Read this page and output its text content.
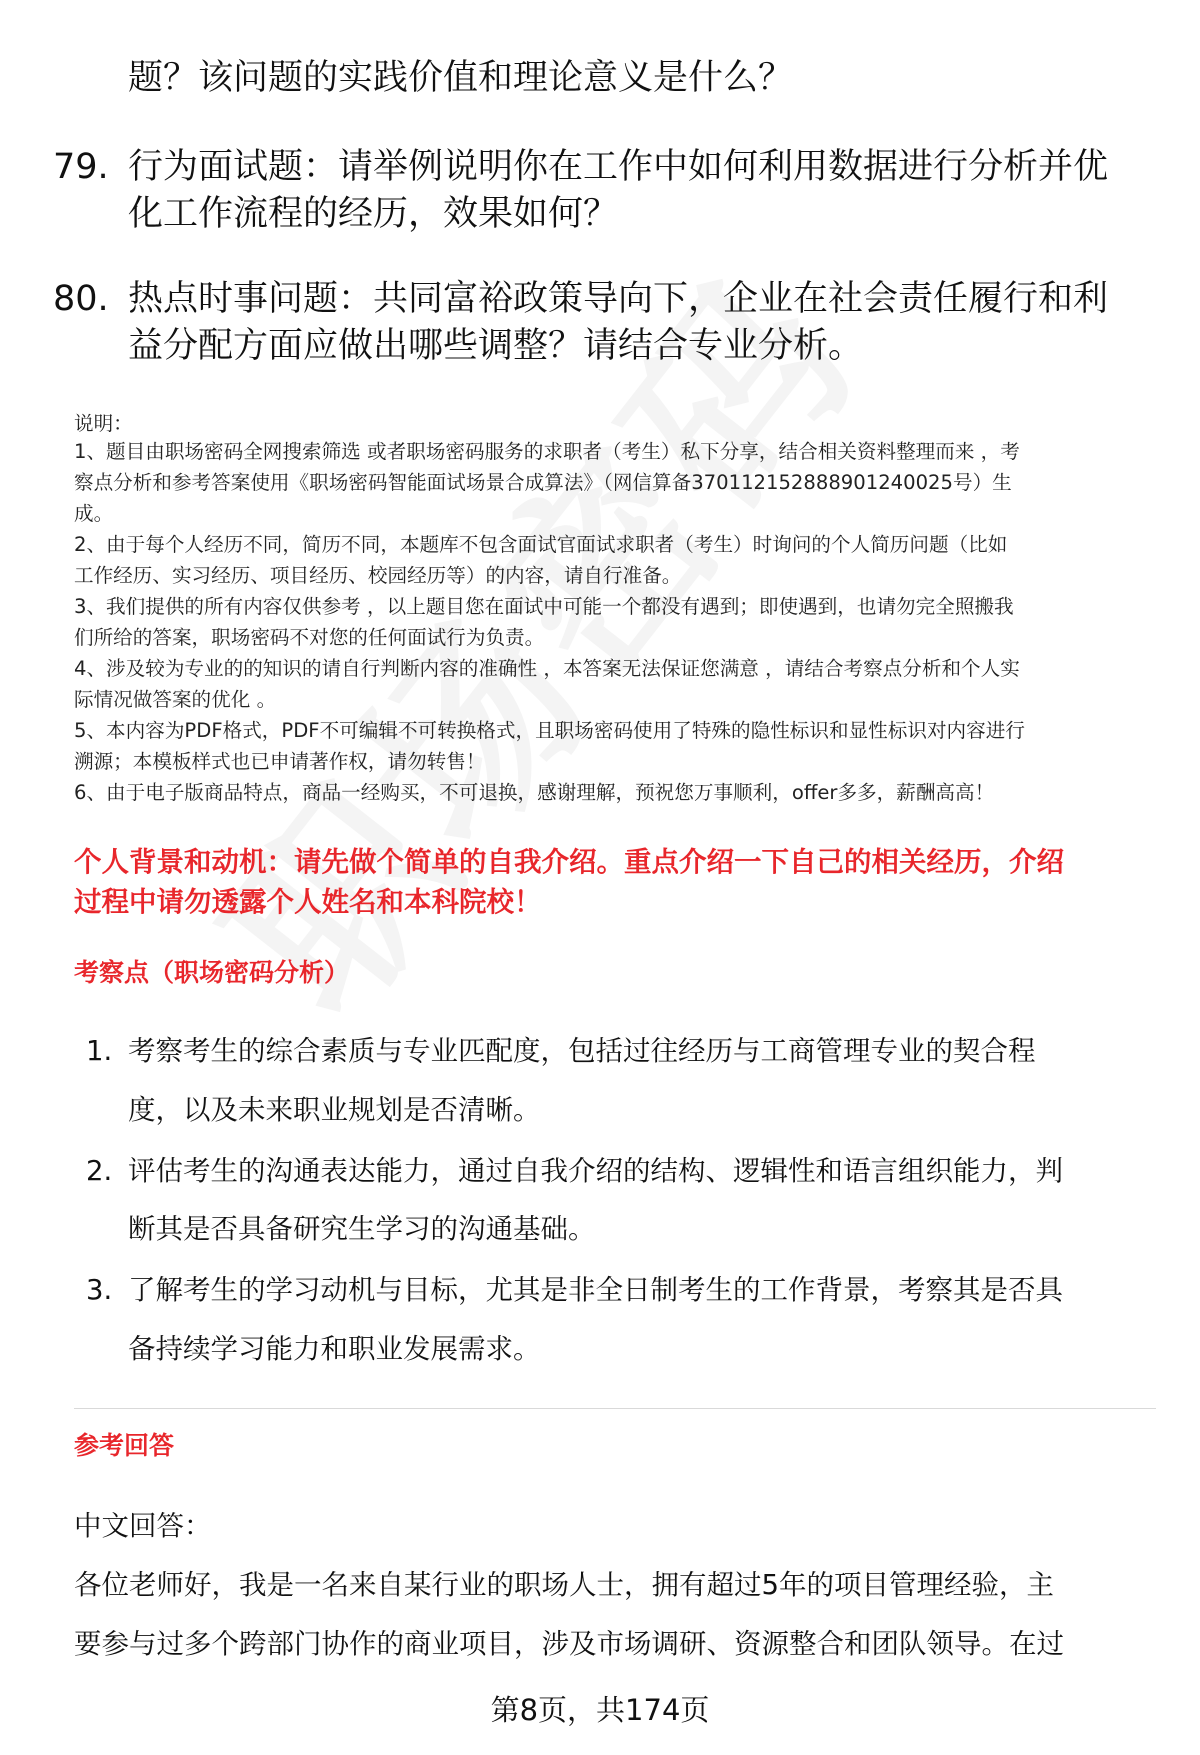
题？该问题的实践价值和理论意义是什么？
79. 行为面试题：请举例说明你在工作中如何利用数据进行分析并优
化工作流程的经历，效果如何？
80. 热点时事问题：共同富裕政策导向下，企业在社会责任履行和利
益分配方面应做出哪些调整？请结合专业分析。
说明：
1、题目由职场密码全网搜索筛选 或者职场密码服务的求职者（考生）私下分享，结合相关资料整理而来 ，考
察点分析和参考答案使用《职场密码智能面试场景合成算法》（网信算备370112152888901240025号）生
成。
2、由于每个人经历不同，简历不同，本题库不包含面试官面试求职者（考生）时询问的个人简历问题（比如
工作经历、实习经历、项目经历、校园经历等）的内容，请自行准备。
3、我们提供的所有内容仅供参考 ，以上题目您在面试中可能一个都没有遇到；即使遇到，也请勿完全照搬我
们所给的答案，职场密码不对您的任何面试行为负责。
4、涉及较为专业的的知识的请自行判断内容的准确性 ，本答案无法保证您满意 ，请结合考察点分析和个人实
际情况做答案的优化 。
5、本内容为PDF格式，PDF不可编辑不可转换格式，且职场密码使用了特殊的隐性标识和显性标识对内容进行
溯源；本模板样式也已申请著作权，请勿转售！
6、由于电子版商品特点，商品一经购买，不可退换，感谢理解，预祝您万事顺利，offer多多，薪酬高高！
个人背景和动机：请先做个简单的自我介绍。重点介绍一下自己的相关经历，介绍
过程中请勿透露个人姓名和本科院校！
考察点（职场密码分析）
1. 考察考生的综合素质与专业匹配度，包括过往经历与工商管理专业的契合程
度，以及未来职业规划是否清晰。
2. 评估考生的沟通表达能力，通过自我介绍的结构、逻辑性和语言组织能力，判
断其是否具备研究生学习的沟通基础。
3. 了解考生的学习动机与目标，尤其是非全日制考生的工作背景，考察其是否具
备持续学习能力和职业发展需求。
参考回答
中文回答：
各位老师好，我是一名来自某行业的职场人士，拥有超过5年的项目管理经验，主
要参与过多个跨部门协作的商业项目，涉及市场调研、资源整合和团队领导。在过
第8页，共174页
